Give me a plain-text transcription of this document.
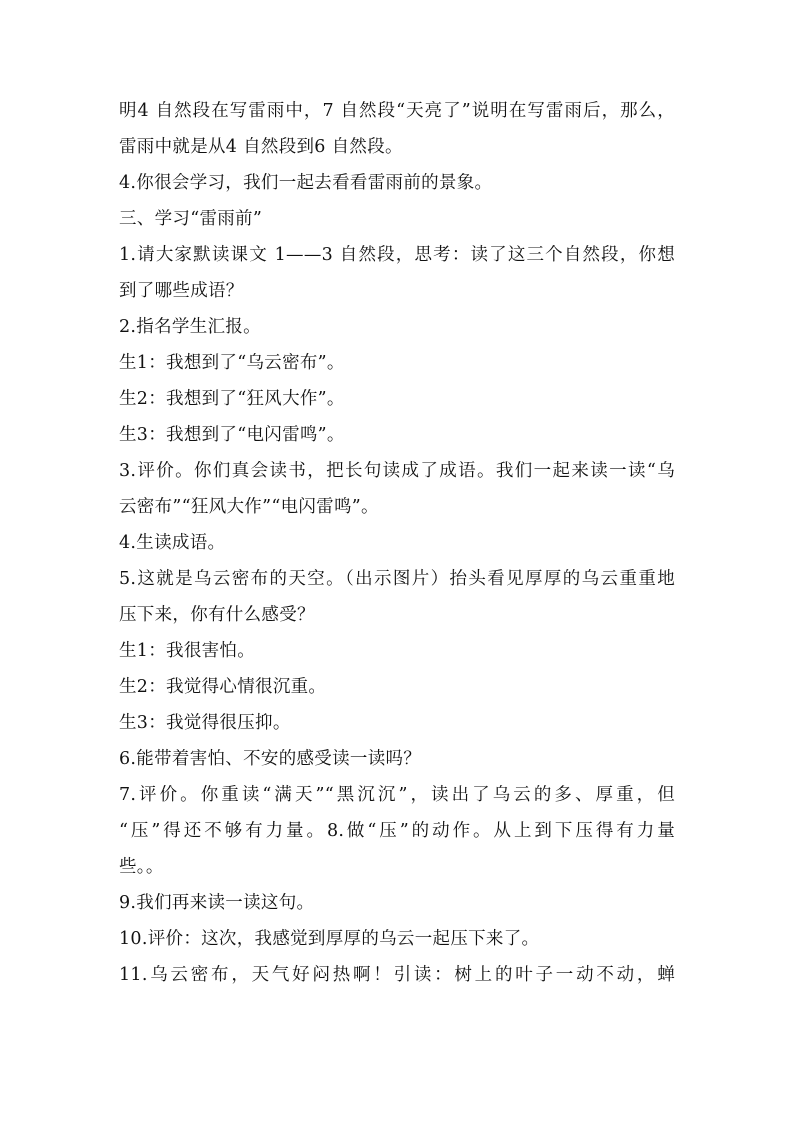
明4 自然段在写雷雨中，7 自然段“天亮了”说明在写雷雨后，那么，
雷雨中就是从4 自然段到6 自然段。
4.你很会学习，我们一起去看看雷雨前的景象。
三、学习“雷雨前”
1.请大家默读课文 1——3 自然段，思考：读了这三个自然段，你想
到了哪些成语？
2.指名学生汇报。
生1：我想到了“乌云密布”。
生2：我想到了“狂风大作”。
生3：我想到了“电闪雷鸣”。
3.评价。你们真会读书，把长句读成了成语。我们一起来读一读“乌
云密布”“狂风大作”“电闪雷鸣”。
4.生读成语。
5.这就是乌云密布的天空。（出示图片）抬头看见厚厚的乌云重重地
压下来，你有什么感受？
生1：我很害怕。
生2：我觉得心情很沉重。
生3：我觉得很压抑。
6.能带着害怕、不安的感受读一读吗？
7.评价。你重读“满天”“黑沉沉”，读出了乌云的多、厚重，但
“压”得还不够有力量。8.做“压”的动作。从上到下压得有力量
些。。
9.我们再来读一读这句。
10.评价：这次，我感觉到厚厚的乌云一起压下来了。
11.乌云密布，天气好闷热啊！引读：树上的叶子一动不动，蝉
